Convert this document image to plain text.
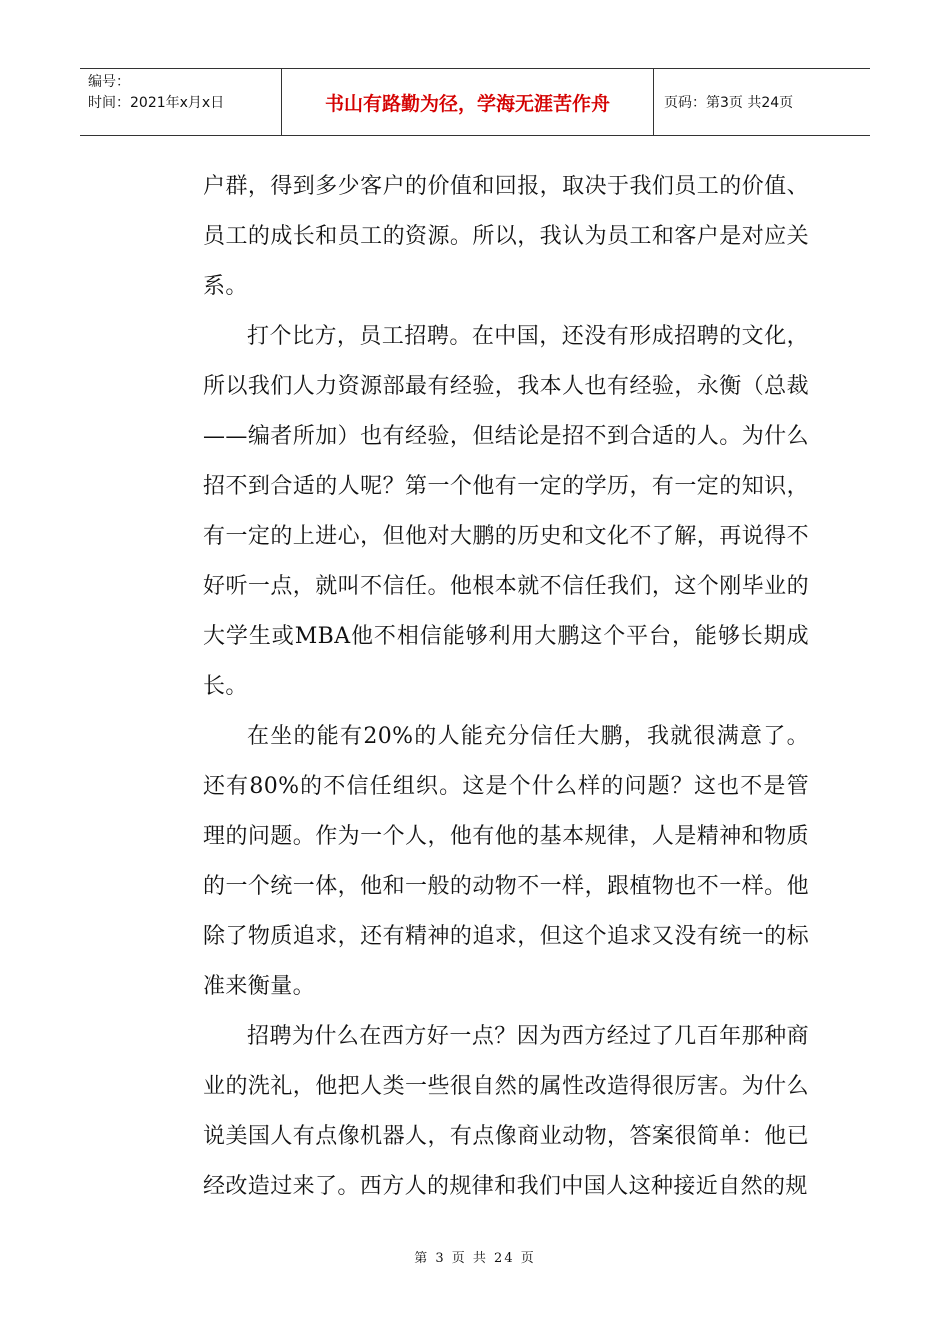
编号：
时间：2021年x月x日	书山有路勤为径，学海无涯苦作舟	页码：第3页 共24页

户群，得到多少客户的价值和回报，取决于我们员工的价值、员工的成长和员工的资源。所以，我认为员工和客户是对应关系。

打个比方，员工招聘。在中国，还没有形成招聘的文化，所以我们人力资源部最有经验，我本人也有经验，永衡（总裁——编者所加）也有经验，但结论是招不到合适的人。为什么招不到合适的人呢？第一个他有一定的学历，有一定的知识，有一定的上进心，但他对大鹏的历史和文化不了解，再说得不好听一点，就叫不信任。他根本就不信任我们，这个刚毕业的大学生或MBA他不相信能够利用大鹏这个平台，能够长期成长。

在坐的能有20%的人能充分信任大鹏，我就很满意了。还有80%的不信任组织。这是个什么样的问题？这也不是管理的问题。作为一个人，他有他的基本规律，人是精神和物质的一个统一体，他和一般的动物不一样，跟植物也不一样。他除了物质追求，还有精神的追求，但这个追求又没有统一的标准来衡量。

招聘为什么在西方好一点？因为西方经过了几百年那种商业的洗礼，他把人类一些很自然的属性改造得很厉害。为什么说美国人有点像机器人，有点像商业动物，答案很简单：他已经改造过来了。西方人的规律和我们中国人这种接近自然的规

第 3 页 共 24 页
